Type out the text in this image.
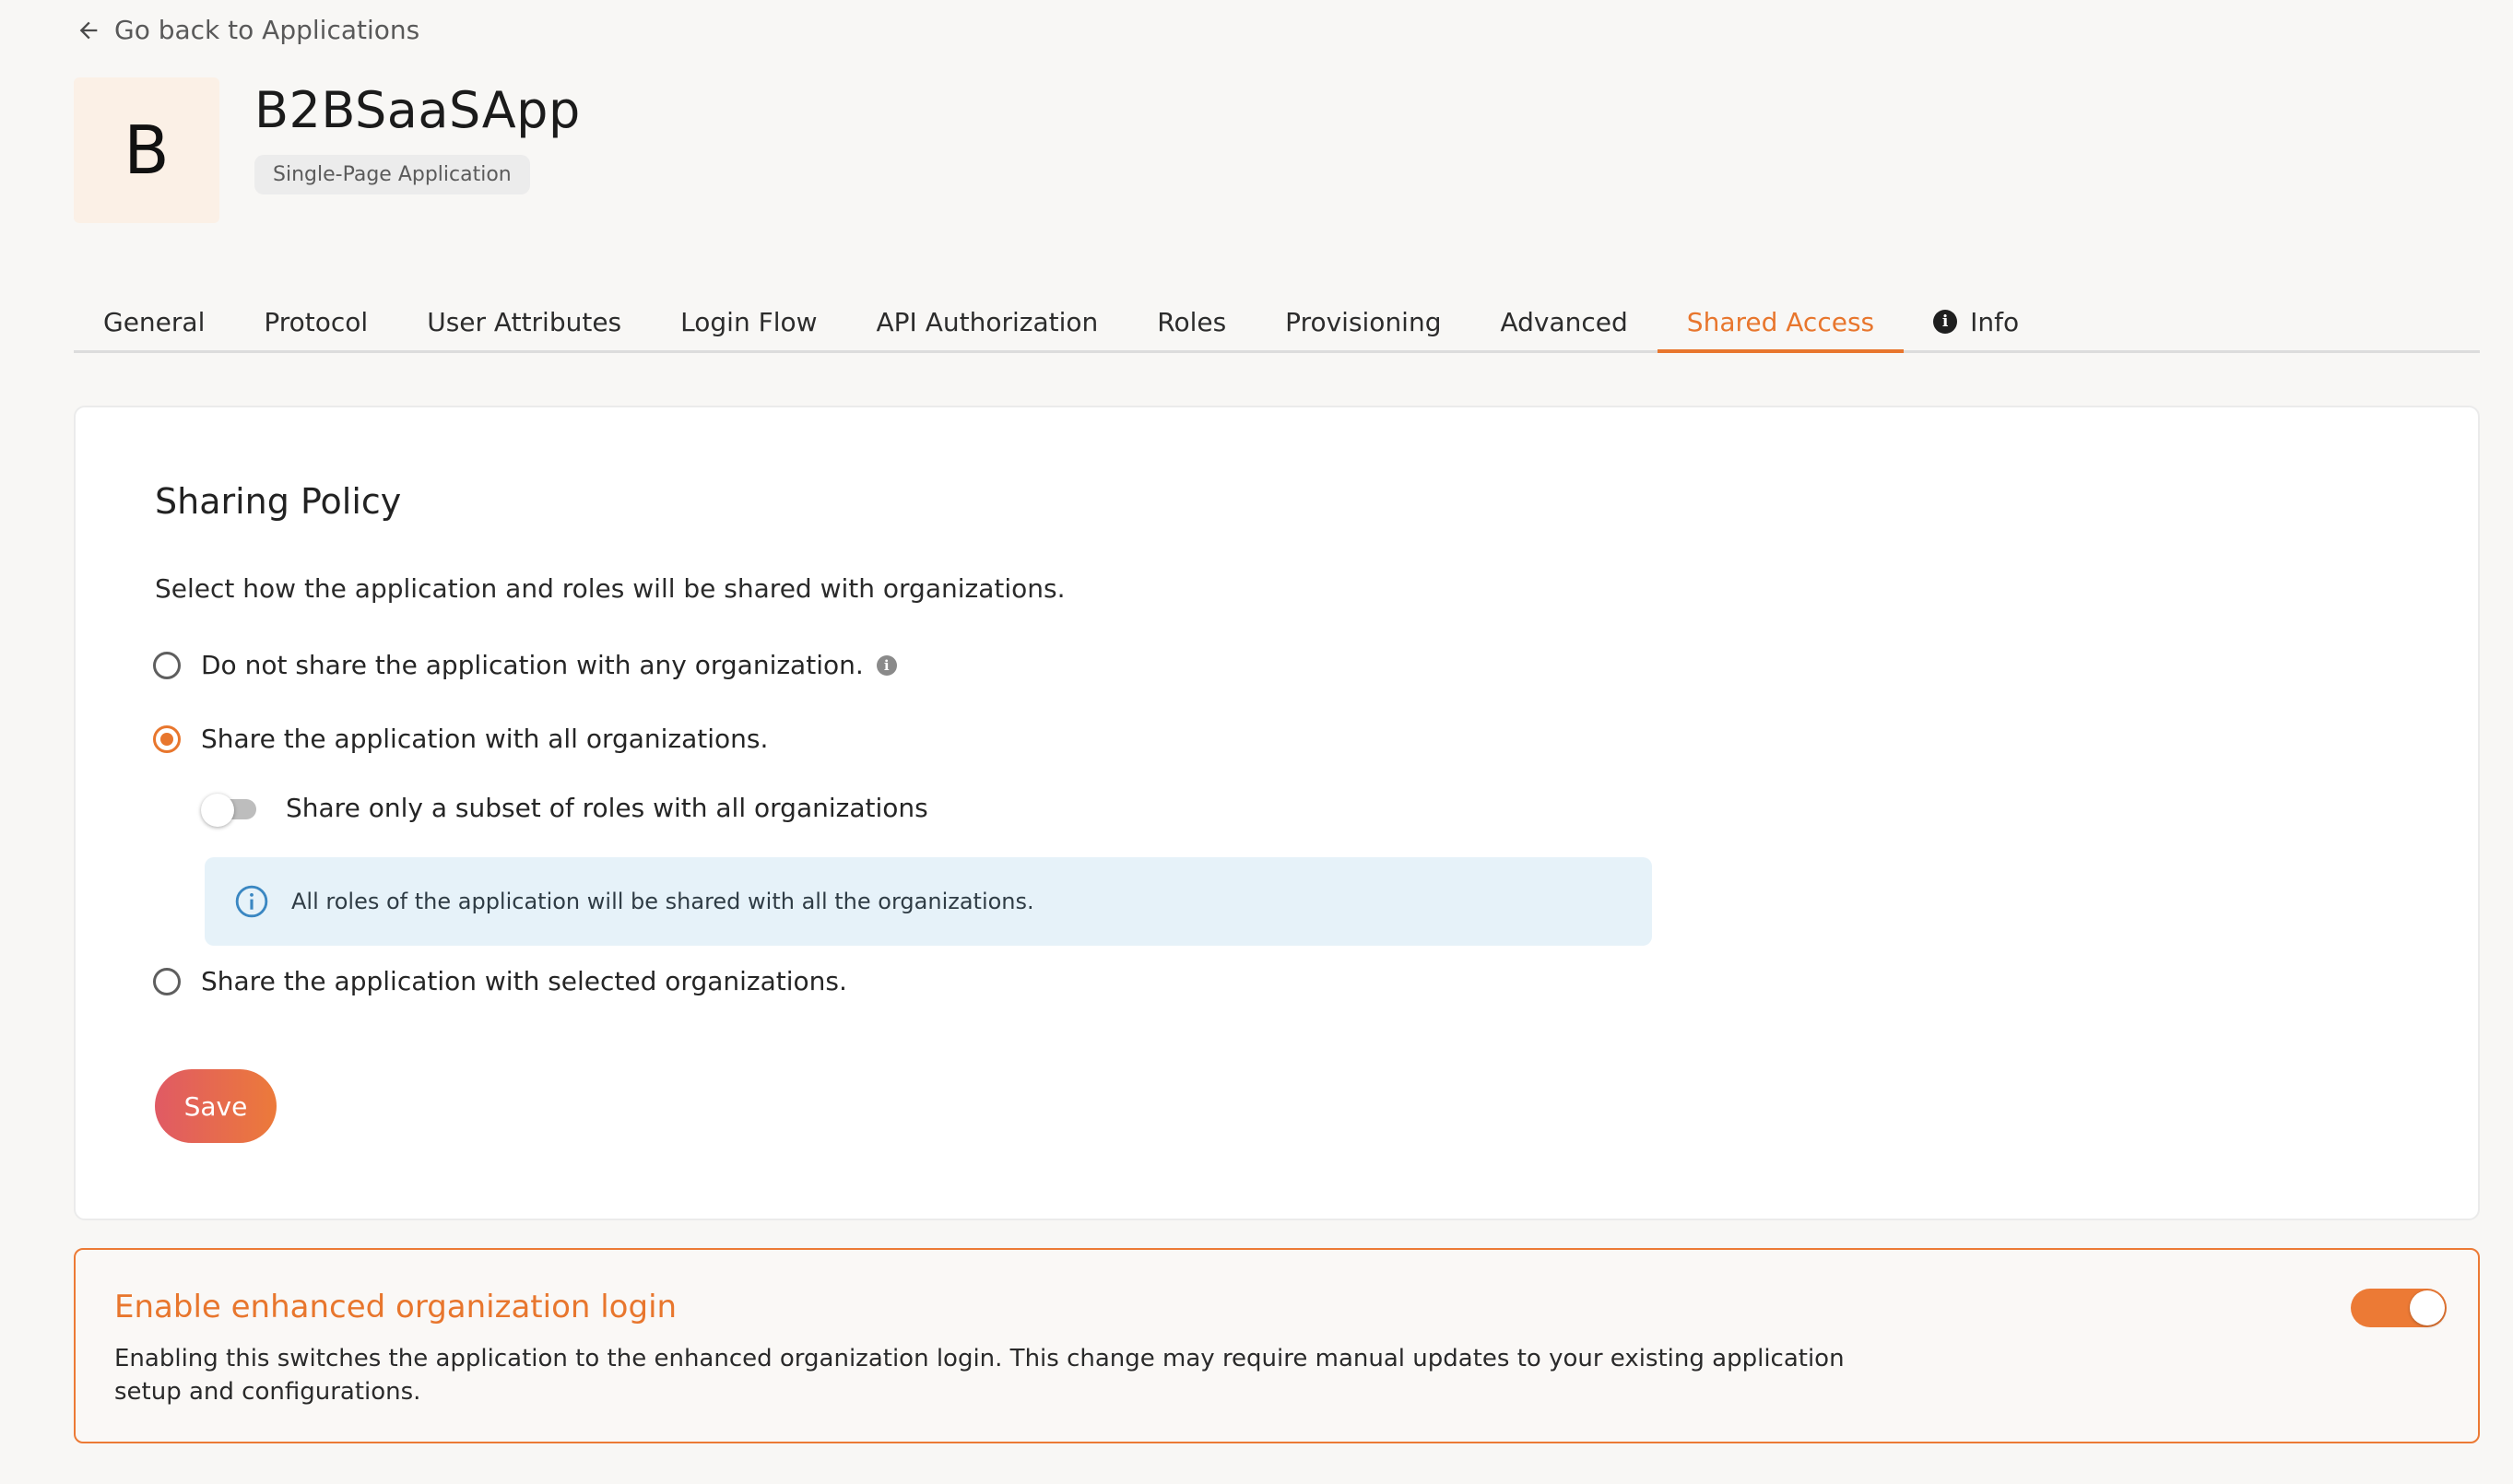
Go back to Applications
B
B2BSaaSApp
Single-Page Application
General Protocol User Attributes Login Flow API Authorization Roles Provisioning Advanced Shared Access	i Info
Sharing Policy
Select how the application and roles will be shared with organizations.
Do not share the application with any organization.	i
Share the application with all organizations.
Share only a subset of roles with all organizations
All roles of the application will be shared with all the organizations.
Share the application with selected organizations.
Save
Enable enhanced organization login
Enabling this switches the application to the enhanced organization login. This change may require manual updates to your existing application setup and configurations.
